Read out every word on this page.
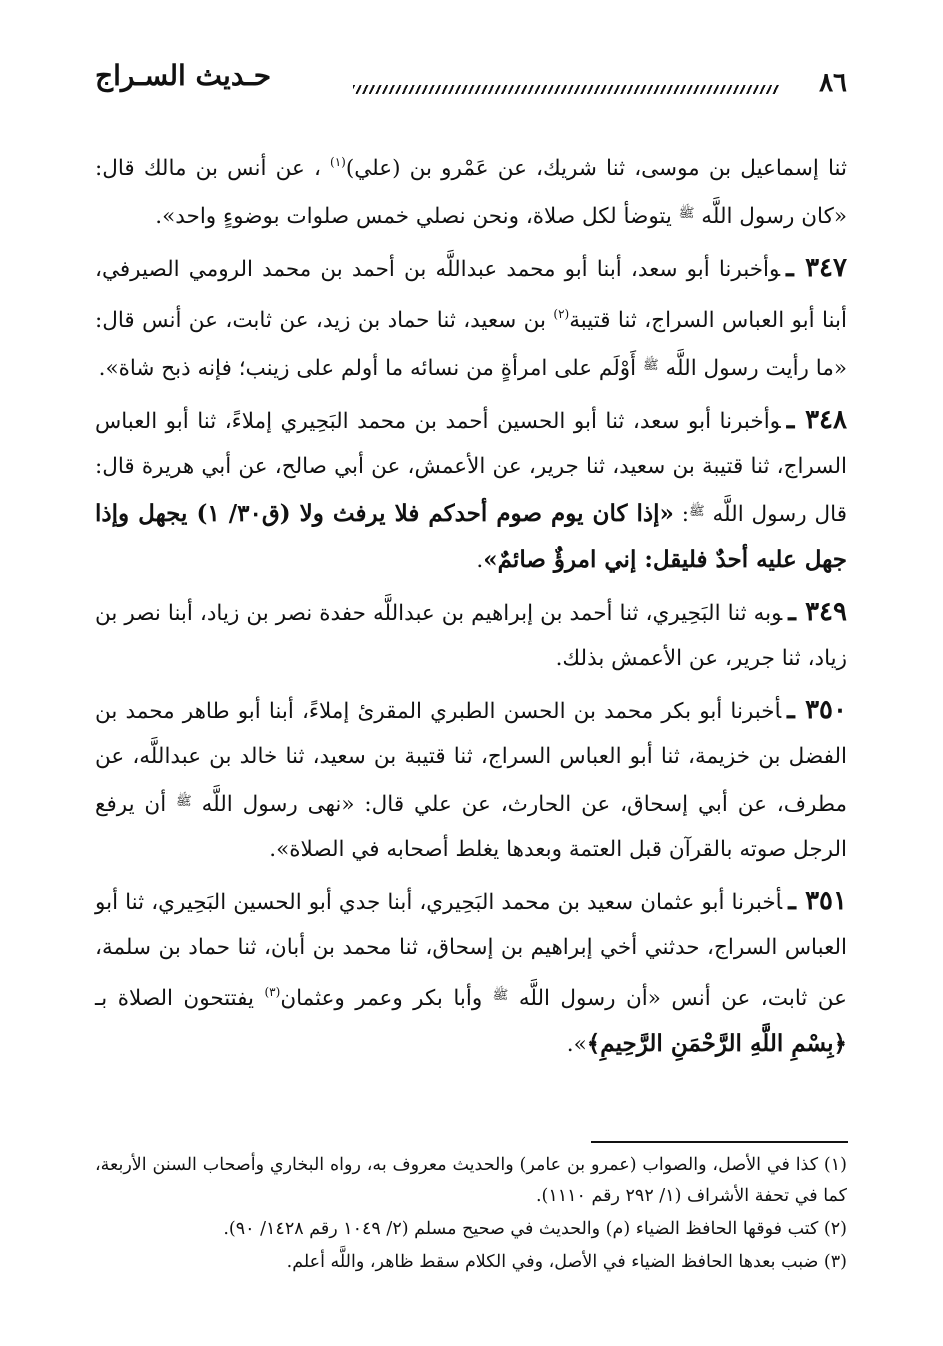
٨٦
حـديث السـراج

ثنا إسماعيل بن موسى، ثنا شريك، عن عَمْرو بن (علي)$^{(١)}$ ، عن أنس بن مالك قال: «كان رسول اللَّه $^ﷺ$ يتوضأ لكل صلاة، ونحن نصلي خمس صلوات بوضوءٍ واحد».

٣٤٧ ـوأخبرنا أبو سعد، أبنا أبو محمد عبداللَّه بن أحمد بن محمد الرومي الصيرفي، أبنا أبو العباس السراج، ثنا قتيبة$^{(٢)}$ بن سعيد، ثنا حماد بن زيد، عن ثابت، عن أنس قال: «ما رأيت رسول اللَّه $^ﷺ$ أَوْلَم على امرأةٍ من نسائه ما أولم على زينب؛ فإنه ذبح شاة».

٣٤٨ ـوأخبرنا أبو سعد، ثنا أبو الحسين أحمد بن محمد البَحِيري إملاءً، ثنا أبو العباس السراج، ثنا قتيبة بن سعيد، ثنا جرير، عن الأعمش، عن أبي صالح، عن أبي هريرة قال: قال رسول اللَّه $^ﷺ$: «إذا كان يوم صوم أحدكم فلا يرفث ولا (ق٣٠/ ١) يجهل وإذا جهل عليه أحدٌ فليقل: إني امرؤٌ صائمٌ».

٣٤٩ ـوبه ثنا البَحِيري، ثنا أحمد بن إبراهيم بن عبداللَّه حفدة نصر بن زياد، أبنا نصر بن زياد، ثنا جرير، عن الأعمش بذلك.

٣٥٠ ـأخبرنا أبو بكر محمد بن الحسن الطبري المقرئ إملاءً، أبنا أبو طاهر محمد بن الفضل بن خزيمة، ثنا أبو العباس السراج، ثنا قتيبة بن سعيد، ثنا خالد بن عبداللَّه، عن مطرف، عن أبي إسحاق، عن الحارث، عن علي قال: «نهى رسول اللَّه $^ﷺ$ أن يرفع الرجل صوته بالقرآن قبل العتمة وبعدها يغلط أصحابه في الصلاة».

٣٥١ ـأخبرنا أبو عثمان سعيد بن محمد البَحِيري، أبنا جدي أبو الحسين البَحِيري، ثنا أبو العباس السراج، حدثني أخي إبراهيم بن إسحاق، ثنا محمد بن أبان، ثنا حماد بن سلمة، عن ثابت، عن أنس «أن رسول اللَّه $^ﷺ$ وأبا بكر وعمر وعثمان$^{(٣)}$ يفتتحون الصلاة بـ ﴿بِسْمِ اللَّهِ الرَّحْمَنِ الرَّحِيمِ﴾».

(١) كذا في الأصل، والصواب (عمرو بن عامر) والحديث معروف به، رواه البخاري وأصحاب السنن الأربعة، كما في تحفة الأشراف (١/ ٢٩٢ رقم ١١١٠).

(٢) كتب فوقها الحافظ الضياء (م) والحديث في صحيح مسلم (٢/ ١٠٤٩ رقم ١٤٢٨/ ٩٠).

(٣) ضبب بعدها الحافظ الضياء في الأصل، وفي الكلام سقط ظاهر، واللَّه أعلم.
